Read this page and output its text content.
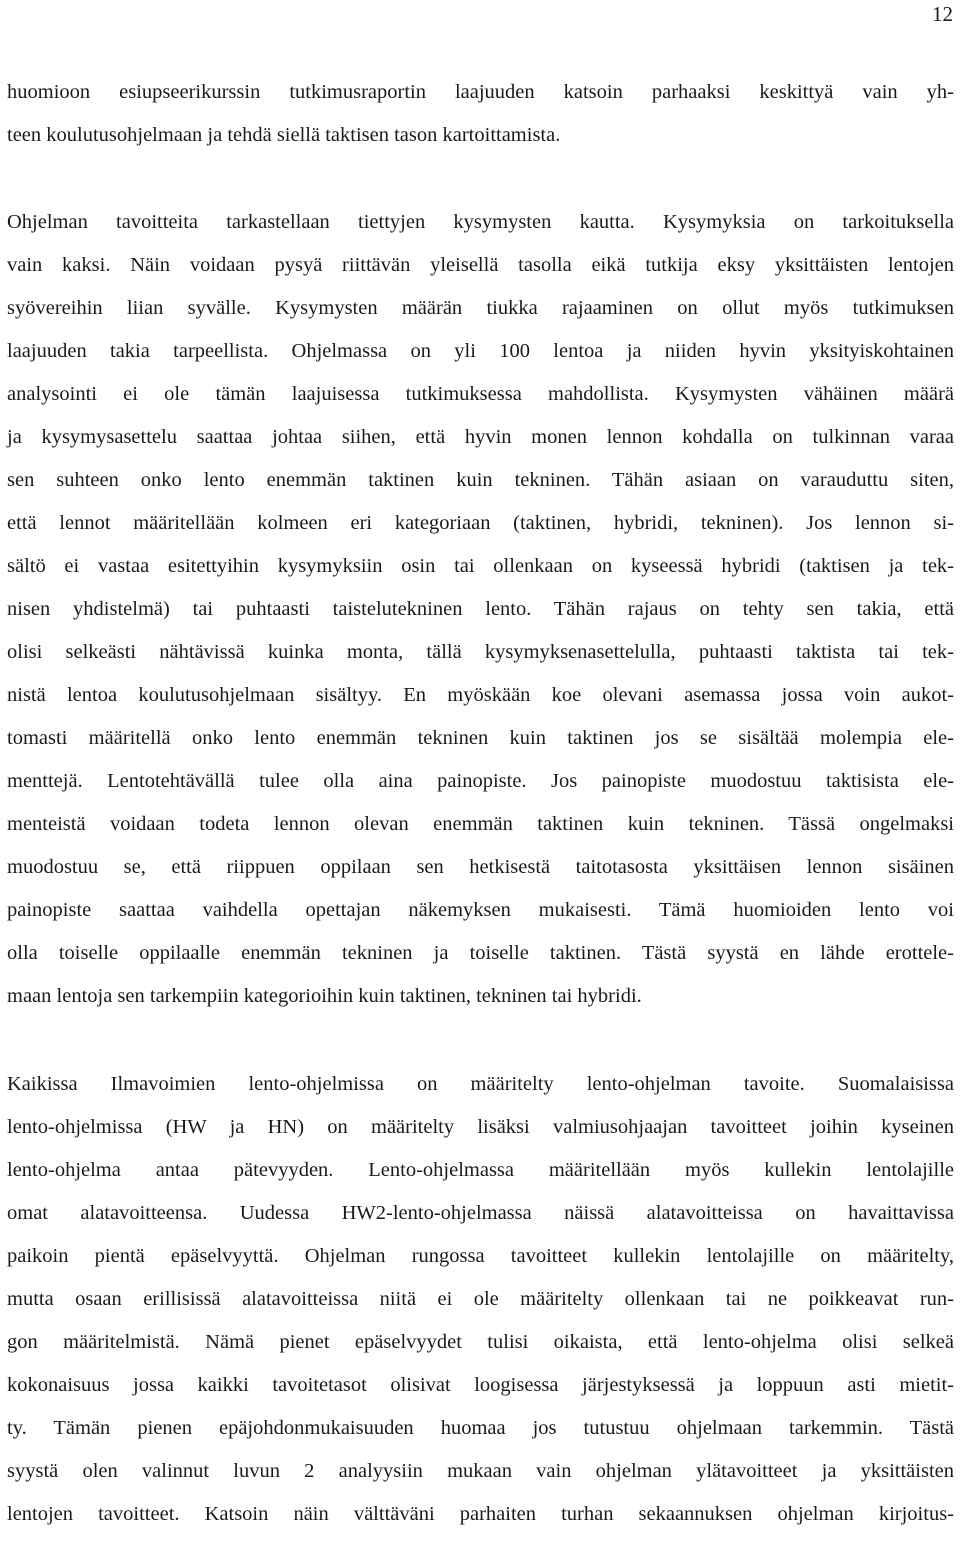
12
huomioon esiupseerikurssin tutkimusraportin laajuuden katsoin parhaaksi keskittyä vain yh-
teen koulutusohjelmaan ja tehdä siellä taktisen tason kartoittamista.
Ohjelman tavoitteita tarkastellaan tiettyjen kysymysten kautta. Kysymyksia on tarkoituksella
vain kaksi. Näin voidaan pysyä riittävän yleisellä tasolla eikä tutkija eksy yksittäisten lentojen
syövereihin liian syvälle. Kysymysten määrän tiukka rajaaminen on ollut myös tutkimuksen
laajuuden takia tarpeellista. Ohjelmassa on yli 100 lentoa ja niiden hyvin yksityiskohtainen
analysointi ei ole tämän laajuisessa tutkimuksessa mahdollista. Kysymysten vähäinen määrä
ja kysymysasettelu saattaa johtaa siihen, että hyvin monen lennon kohdalla on tulkinnan varaa
sen suhteen onko lento enemmän taktinen kuin tekninen. Tähän asiaan on varauduttu siten,
että lennot määritellään kolmeen eri kategoriaan (taktinen, hybridi, tekninen). Jos lennon si-
sältö ei vastaa esitettyihin kysymyksiin osin tai ollenkaan on kyseessä hybridi (taktisen ja tek-
nisen yhdistelmä) tai puhtaasti taistelutekninen lento. Tähän rajaus on tehty sen takia, että
olisi selkeästi nähtävissä kuinka monta, tällä kysymyksenasettelulla, puhtaasti taktista tai tek-
nistä lentoa koulutusohjelmaan sisältyy. En myöskään koe olevani asemassa jossa voin aukot-
tomasti määritellä onko lento enemmän tekninen kuin taktinen jos se sisältää molempia ele-
menttejä. Lentotehtävällä tulee olla aina painopiste. Jos painopiste muodostuu taktisista ele-
menteistä voidaan todeta lennon olevan enemmän taktinen kuin tekninen. Tässä ongelmaksi
muodostuu se, että riippuen oppilaan sen hetkisestä taitotasosta yksittäisen lennon sisäinen
painopiste saattaa vaihdella opettajan näkemyksen mukaisesti. Tämä huomioiden lento voi
olla toiselle oppilaalle enemmän tekninen ja toiselle taktinen. Tästä syystä en lähde erottele-
maan lentoja sen tarkempiin kategorioihin kuin taktinen, tekninen tai hybridi.
Kaikissa Ilmavoimien lento-ohjelmissa on määritelty lento-ohjelman tavoite. Suomalaisissa
lento-ohjelmissa (HW ja HN) on määritelty lisäksi valmiusohjaajan tavoitteet joihin kyseinen
lento-ohjelma antaa pätevyyden. Lento-ohjelmassa määritellään myös kullekin lentolajille
omat alatavoitteensa. Uudessa HW2-lento-ohjelmassa näissä alatavoitteissa on havaittavissa
paikoin pientä epäselvyyttä. Ohjelman rungossa tavoitteet kullekin lentolajille on määritelty,
mutta osaan erillisissä alatavoitteissa niitä ei ole määritelty ollenkaan tai ne poikkeavat run-
gon määritelmistä. Nämä pienet epäselvyydet tulisi oikaista, että lento-ohjelma olisi selkeä
kokonaisuus jossa kaikki tavoitetasot olisivat loogisessa järjestyksessä ja loppuun asti mietit-
ty. Tämän pienen epäjohdonmukaisuuden huomaa jos tutustuu ohjelmaan tarkemmin. Tästä
syystä olen valinnut luvun 2 analyysiin mukaan vain ohjelman ylätavoitteet ja yksittäisten
lentojen tavoitteet. Katsoin näin välttäväni parhaiten turhan sekaannuksen ohjelman kirjoitus-
